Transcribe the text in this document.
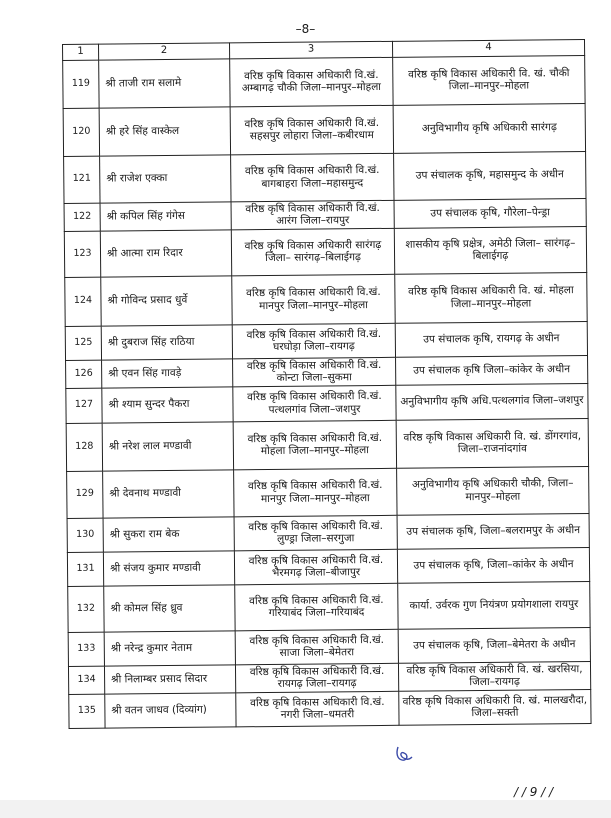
–8–
1	2	3	4
119	श्री ताजी राम सलामे	वरिष्ठ कृषि विकास अधिकारी वि.खं. अम्बागढ़ चौकी जिला–मानपुर–मोहला	वरिष्ठ कृषि विकास अधिकारी वि. खं. चौकी जिला–मानपुर–मोहला
120	श्री हरे सिंह वास्केल	वरिष्ठ कृषि विकास अधिकारी वि.खं. सहसपुर लोहारा जिला–कबीरधाम	अनुविभागीय कृषि अधिकारी सारंगढ़
121	श्री राजेश एक्का	वरिष्ठ कृषि विकास अधिकारी वि.खं. बागबाहरा जिला–महासमुन्द	उप संचालक कृषि, महासमुन्द के अधीन
122	श्री कपिल सिंह गंगेस	वरिष्ठ कृषि विकास अधिकारी वि.खं. आरंग जिला–रायपुर	उप संचालक कृषि, गौरेला–पेन्ड्रा
123	श्री आत्मा राम रिदार	वरिष्ठ कृषि विकास अधिकारी सारंगढ़ जिला– सारंगढ़–बिलाईगढ़	शासकीय कृषि प्रक्षेत्र, अमेठी जिला– सारंगढ़–बिलाईगढ़
124	श्री गोविन्द प्रसाद धुर्वे	वरिष्ठ कृषि विकास अधिकारी वि.खं. मानपुर जिला–मानपुर–मोहला	वरिष्ठ कृषि विकास अधिकारी वि. खं. मोहला जिला–मानपुर–मोहला
125	श्री दुबराज सिंह राठिया	वरिष्ठ कृषि विकास अधिकारी वि.खं. घरघोड़ा जिला–रायगढ़	उप संचालक कृषि, रायगढ़ के अधीन
126	श्री एवन सिंह गावड़े	वरिष्ठ कृषि विकास अधिकारी वि.खं. कोन्टा जिला–सुकमा	उप संचालक कृषि जिला–कांकेर के अधीन
127	श्री श्याम सुन्दर पैकरा	वरिष्ठ कृषि विकास अधिकारी वि.खं. पत्थलगांव जिला–जशपुर	अनुविभागीय कृषि अधि.पत्थलगांव जिला–जशपुर
128	श्री नरेश लाल मण्डावी	वरिष्ठ कृषि विकास अधिकारी वि.खं. मोहला जिला–मानपुर–मोहला	वरिष्ठ कृषि विकास अधिकारी वि. खं. डोंगरगांव, जिला–राजनांदगांव
129	श्री देवनाथ मण्डावी	वरिष्ठ कृषि विकास अधिकारी वि.खं. मानपुर जिला–मानपुर–मोहला	अनुविभागीय कृषि अधिकारी चौकी, जिला–मानपुर–मोहला
130	श्री सुकरा राम बेक	वरिष्ठ कृषि विकास अधिकारी वि.खं. लुण्ड्रा जिला–सरगुजा	उप संचालक कृषि, जिला–बलरामपुर के अधीन
131	श्री संजय कुमार मण्डावी	वरिष्ठ कृषि विकास अधिकारी वि.खं. भैरमगढ़ जिला–बीजापुर	उप संचालक कृषि, जिला–कांकेर के अधीन
132	श्री कोमल सिंह ध्रुव	वरिष्ठ कृषि विकास अधिकारी वि.खं. गरियाबंद जिला–गरियाबंद	कार्या. उर्वरक गुण नियंत्रण प्रयोगशाला रायपुर
133	श्री नरेन्द्र कुमार नेताम	वरिष्ठ कृषि विकास अधिकारी वि.खं. साजा जिला–बेमेतरा	उप संचालक कृषि, जिला–बेमेतरा के अधीन
134	श्री निलाम्बर प्रसाद सिदार	वरिष्ठ कृषि विकास अधिकारी वि.खं. रायगढ़ जिला–रायगढ़	वरिष्ठ कृषि विकास अधिकारी वि. खं. खरसिया, जिला–रायगढ़
135	श्री वतन जाधव (दिव्यांग)	वरिष्ठ कृषि विकास अधिकारी वि.खं. नगरी जिला–धमतरी	वरिष्ठ कृषि विकास अधिकारी वि. खं. मालखरौदा, जिला–सक्ती
/ / 9 / /
